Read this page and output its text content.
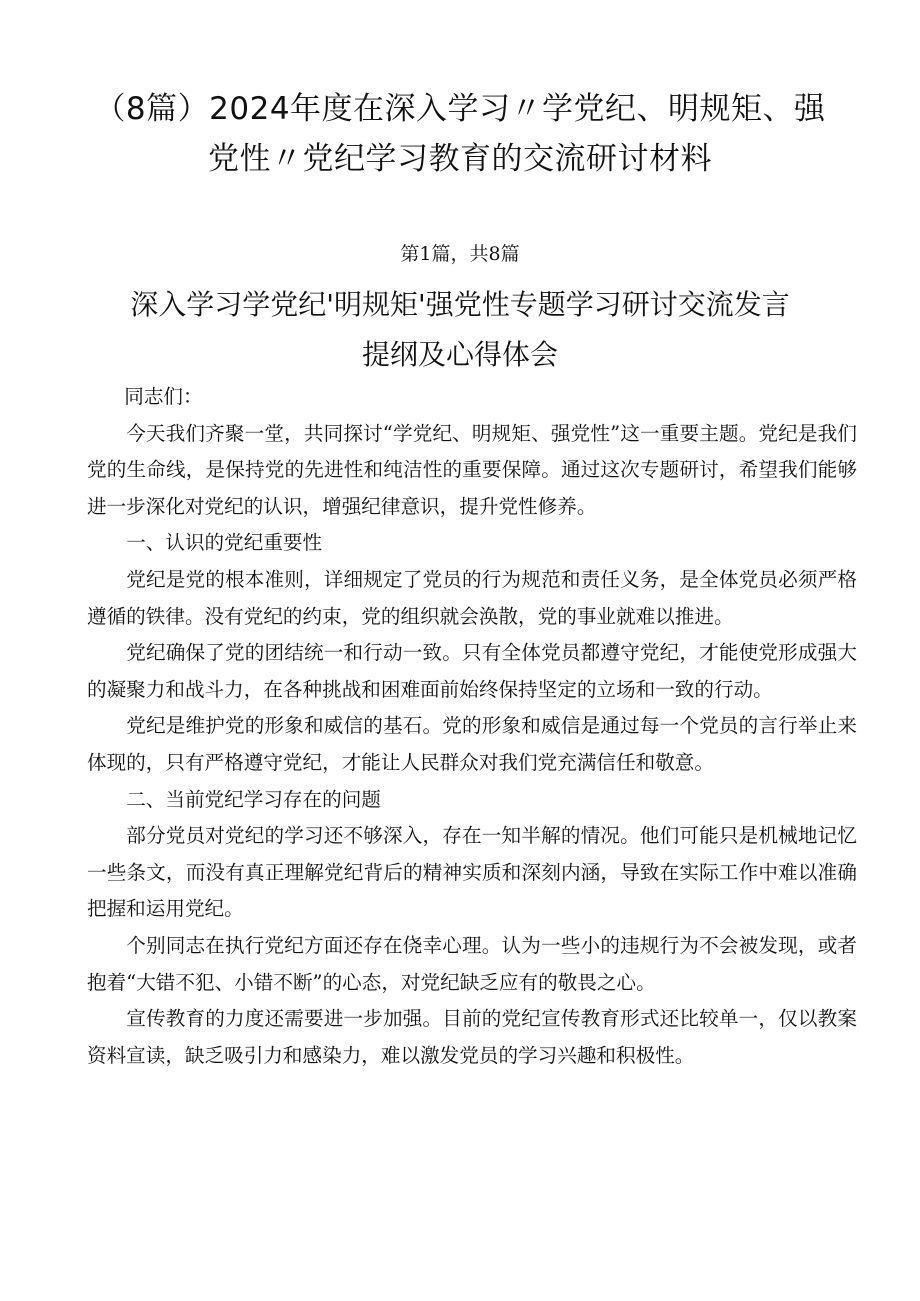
（8篇）2024年度在深入学习〃学党纪、明规矩、强党性〃党纪学习教育的交流研讨材料
第1篇，共8篇
深入学习学党纪'明规矩'强党性专题学习研讨交流发言提纲及心得体会

同志们：

今天我们齐聚一堂，共同探讨“学党纪、明规矩、强党性”这一重要主题。党纪是我们党的生命线，是保持党的先进性和纯洁性的重要保障。通过这次专题研讨，希望我们能够进一步深化对党纪的认识，增强纪律意识，提升党性修养。

一、认识的党纪重要性

党纪是党的根本准则，详细规定了党员的行为规范和责任义务，是全体党员必须严格遵循的铁律。没有党纪的约束，党的组织就会涣散，党的事业就难以推进。

党纪确保了党的团结统一和行动一致。只有全体党员都遵守党纪，才能使党形成强大的凝聚力和战斗力，在各种挑战和困难面前始终保持坚定的立场和一致的行动。

党纪是维护党的形象和威信的基石。党的形象和威信是通过每一个党员的言行举止来体现的，只有严格遵守党纪，才能让人民群众对我们党充满信任和敬意。

二、当前党纪学习存在的问题

部分党员对党纪的学习还不够深入，存在一知半解的情况。他们可能只是机械地记忆一些条文，而没有真正理解党纪背后的精神实质和深刻内涵，导致在实际工作中难以准确把握和运用党纪。

个别同志在执行党纪方面还存在侥幸心理。认为一些小的违规行为不会被发现，或者抱着“大错不犯、小错不断”的心态，对党纪缺乏应有的敬畏之心。

宣传教育的力度还需要进一步加强。目前的党纪宣传教育形式还比较单一，仅以教案资料宣读，缺乏吸引力和感染力，难以激发党员的学习兴趣和积极性。
